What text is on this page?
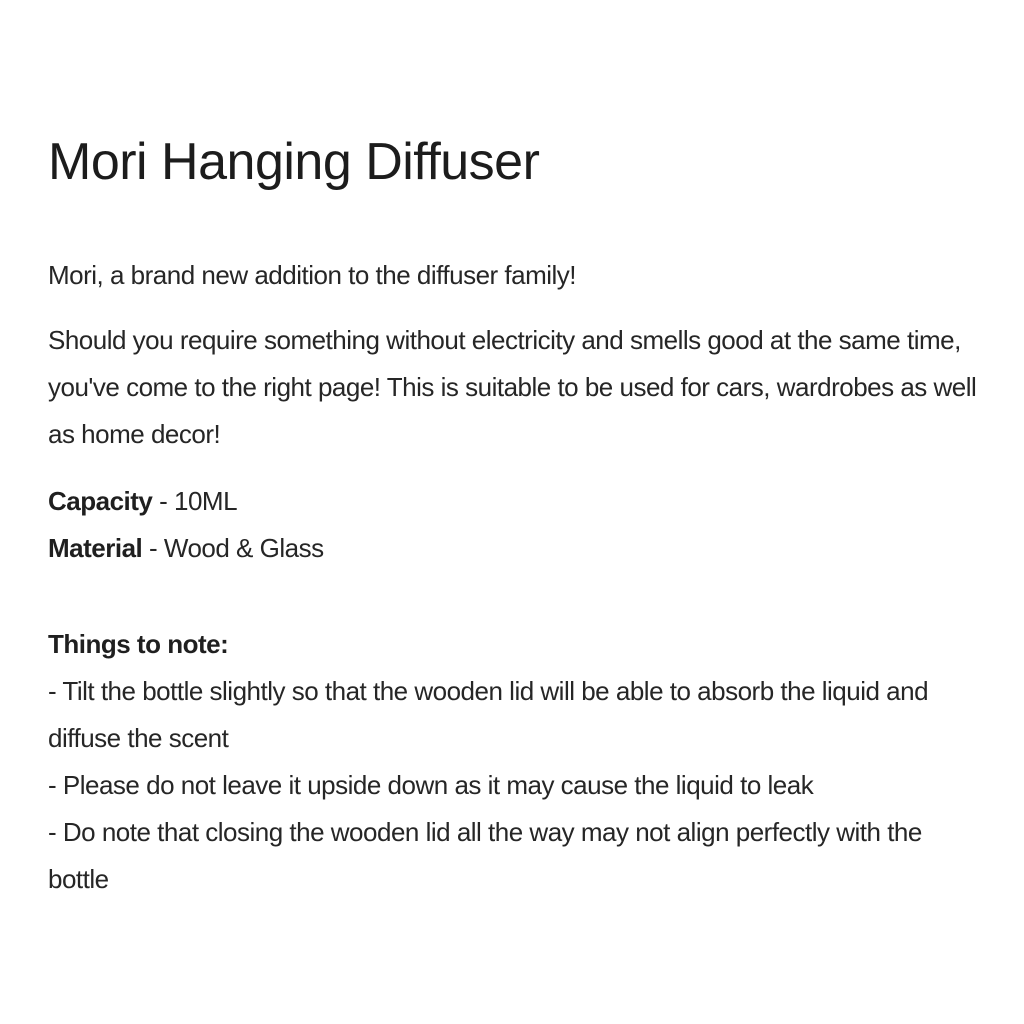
Mori Hanging Diffuser

Mori, a brand new addition to the diffuser family!

Should you require something without electricity and smells good at the same time, you've come to the right page! This is suitable to be used for cars, wardrobes as well as home decor!

Capacity - 10ML
Material - Wood & Glass
Things to note:
- Tilt the bottle slightly so that the wooden lid will be able to absorb the liquid and diffuse the scent
- Please do not leave it upside down as it may cause the liquid to leak
- Do note that closing the wooden lid all the way may not align perfectly with the bottle
